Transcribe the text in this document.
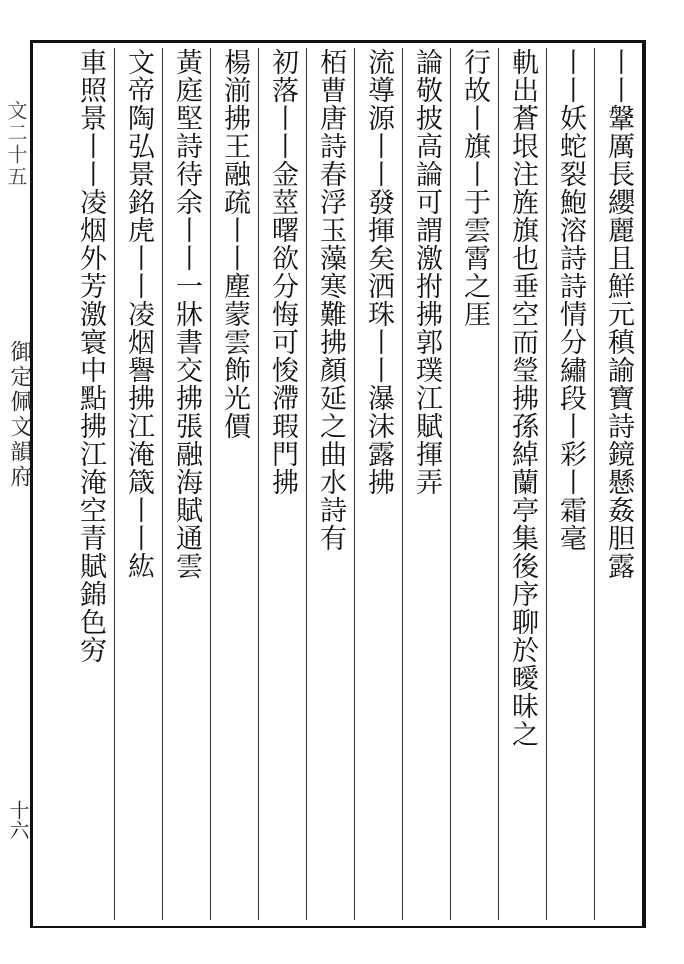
文二十五
御定佩文韻府
十六
丨丨鞶厲長纓麗且鮮元稹諭寶詩鏡懸姦胆露
丨丨妖蛇裂鮑溶詩詩情分繡段丨彩丨霜毫
軌出蒼垠注旌旗也垂空而瑩拂孫綽蘭亭集後序聊於曖昧之
行故丨旗丨于雲霄之厓
論敬披高論可謂激拊拂郭璞江賦揮弄
流導源丨丨發揮矣洒珠丨丨瀑沫露拂
栢曹唐詩春浮玉藻寒難拂顏延之曲水詩有
初落丨丨金莖曙欲分悔可悛滯瑕門拂
楊湔拂王融疏丨丨塵蒙雲飾光價
黃庭堅詩待余丨丨一牀書交拂張融海賦通雲
文帝陶弘景銘虎丨丨凌烟譽拂江淹箴丨丨紘
車照景丨丨凌烟外芳激寰中點拂江淹空青賦錦色穷
